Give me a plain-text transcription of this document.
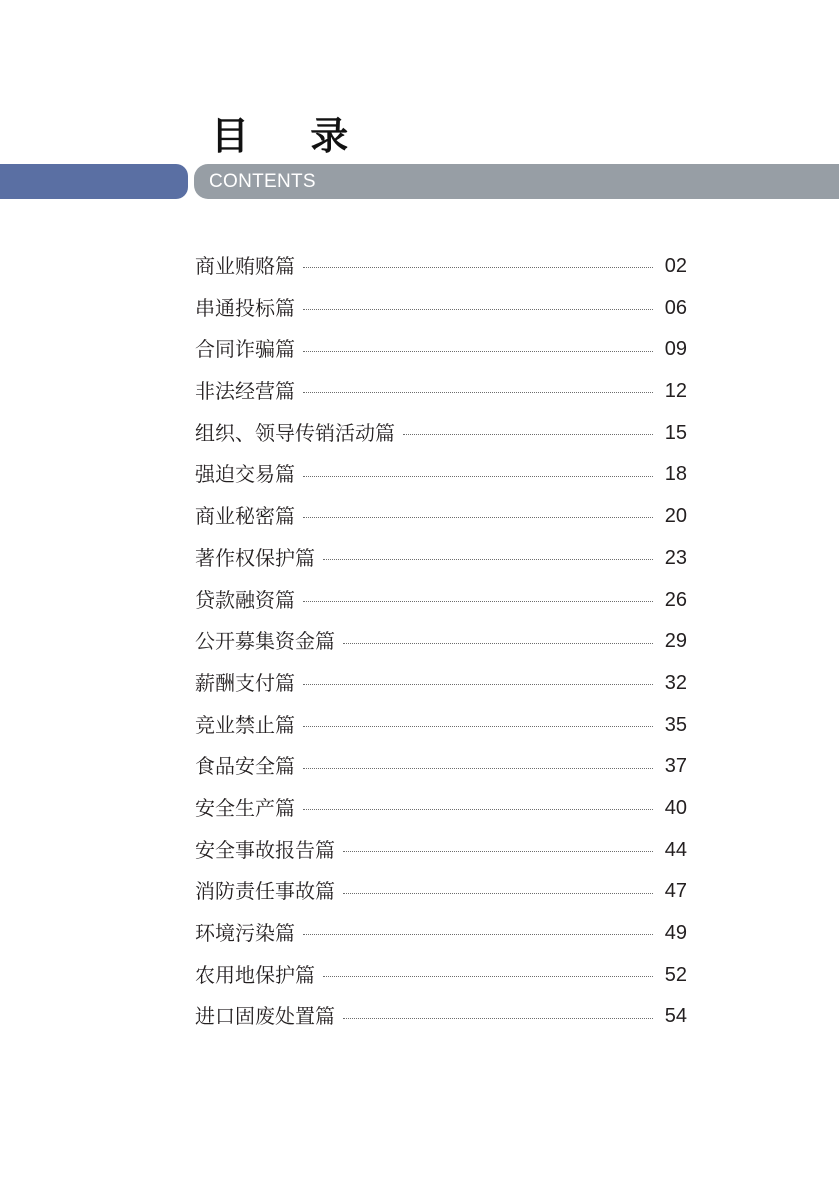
目 录
CONTENTS
商业贿赂篇	02
串通投标篇	06
合同诈骗篇	09
非法经营篇	12
组织、领导传销活动篇	15
强迫交易篇	18
商业秘密篇	20
著作权保护篇	23
贷款融资篇	26
公开募集资金篇	29
薪酬支付篇	32
竞业禁止篇	35
食品安全篇	37
安全生产篇	40
安全事故报告篇	44
消防责任事故篇	47
环境污染篇	49
农用地保护篇	52
进口固废处置篇	54
